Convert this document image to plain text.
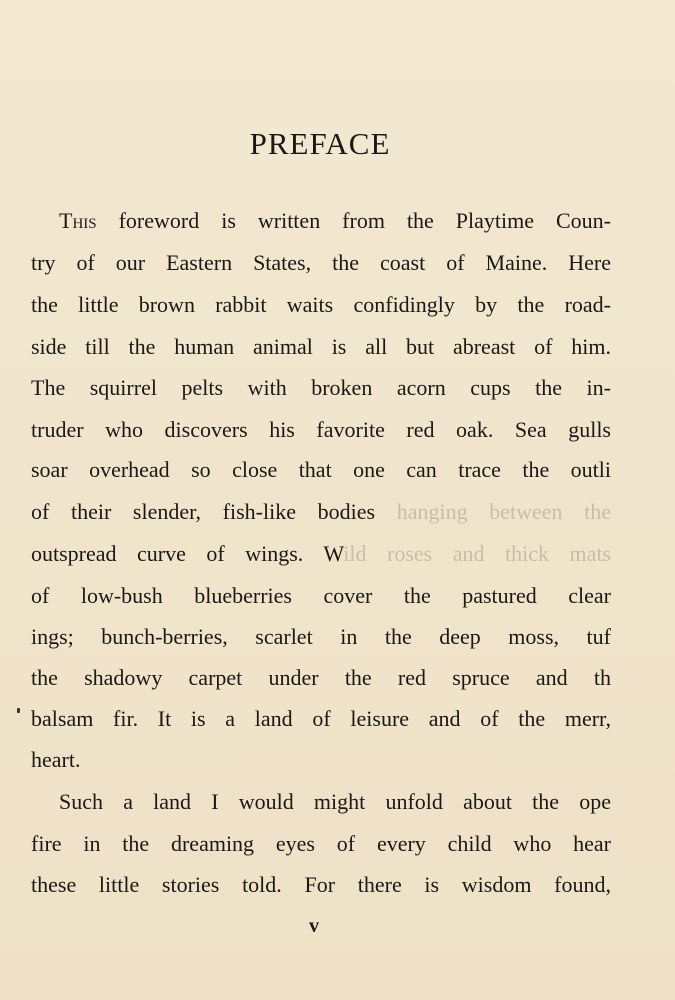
PREFACE

This foreword is written from the Playtime Coun-

try of our Eastern States, the coast of Maine. Here

the little brown rabbit waits confidingly by the road-

side till the human animal is all but abreast of him.

The squirrel pelts with broken acorn cups the in-

truder who discovers his favorite red oak. Sea gulls

soar overhead so close that one can trace the outli

of their slender, fish-like bodies hanging between the

outspread curve of wings. Wild roses and thick mats

of low-bush blueberries cover the pastured clear

ings; bunch-berries, scarlet in the deep moss, tuf

the shadowy carpet under the red spruce and th

balsam fir. It is a land of leisure and of the merr,

heart.

Such a land I would might unfold about the ope

fire in the dreaming eyes of every child who hear

these little stories told. For there is wisdom found,

v
